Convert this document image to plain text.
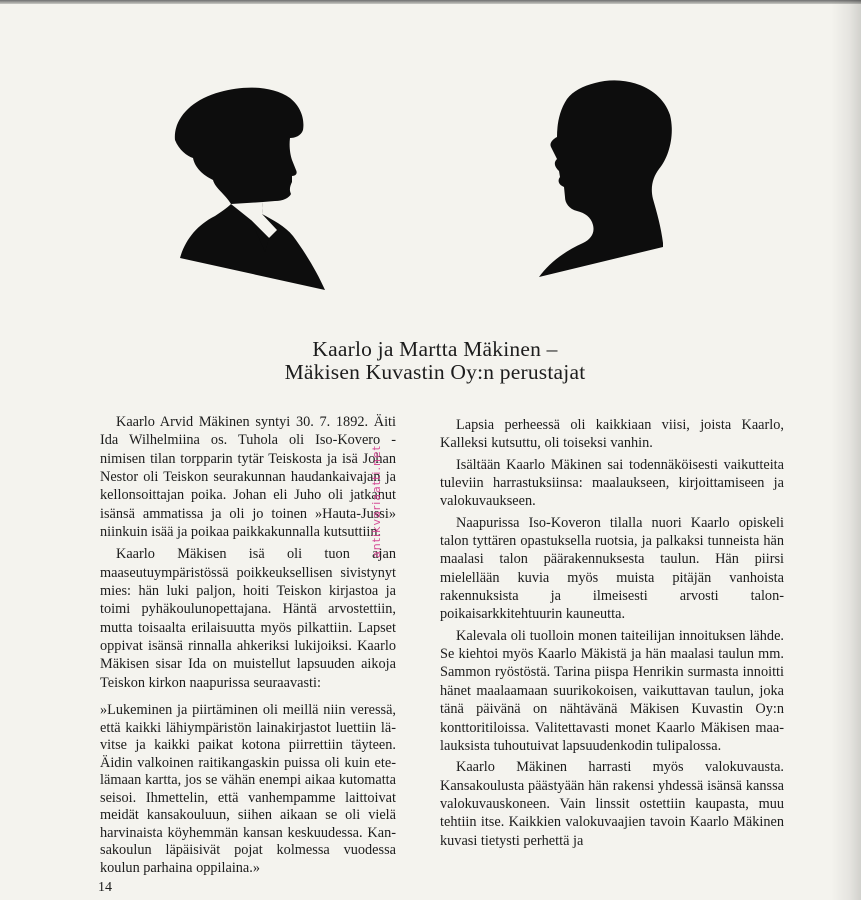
Kaarlo ja Martta Mäkinen –
Mäkisen Kuvastin Oy:n perustajat

Kaarlo Arvid Mäkinen syntyi 30. 7. 1892. Äiti Ida Wilhelmiina os. Tuhola oli Iso-Kovero -nimisen tilan torpparin tytär Teiskosta ja isä Johan Nestor oli Teiskon seurakunnan haudankaivajan ja kellonsoittajan poika. Johan eli Juho oli jatkanut isänsä ammatissa ja oli jo toinen »Hauta-Jussi» niinkuin isää ja poikaa paikkakunnalla kutsuttiin.

Kaarlo Mäkisen isä oli tuon ajan maaseutuympäristössä poikkeuksellisen sivistynyt mies: hän luki paljon, hoiti Teiskon kirjastoa ja toimi pyhäkoulunopettajana. Häntä arvostettiin, mutta toisaalta erilaisuutta myös pilkattiin. Lapset oppivat isänsä rinnalla ahkeriksi lukijoiksi. Kaarlo Mäkisen sisar Ida on muistellut lapsuuden aikoja Teiskon kirkon naapurissa seuraavasti:

»Lukeminen ja piirtäminen oli meillä niin veressä, että kaikki lähiympäristön lainakirjastot luettiin lävitse ja kaikki paikat kotona piirrettiin täyteen. Äidin valkoinen raitikangaskin puissa oli kuin etelämaan kartta, jos se vähän enempi aikaa kutomatta seisoi. Ihmettelin, että vanhempamme laittoivat meidät kansakouluun, siihen aikaan se oli vielä harvinaista köyhemmän kansan keskuudessa. Kansakoulun läpäisivät pojat kolmessa vuodessa koulun parhaina oppilaina.»

Lapsia perheessä oli kaikkiaan viisi, joista Kaarlo, Kalleksi kutsuttu, oli toiseksi vanhin.

Isältään Kaarlo Mäkinen sai todennäköisesti vaikutteita tuleviin harrastuksiinsa: maalaukseen, kirjoittamiseen ja valokuvaukseen.

Naapurissa Iso-Koveron tilalla nuori Kaarlo opiskeli talon tyttären opastuksella ruotsia, ja palkaksi tunneista hän maalasi talon päärakennuksesta taulun. Hän piirsi mielellään kuvia myös muista pitäjän vanhoista rakennuksista ja ilmeisesti arvosti talonpoikaisarkkitehtuurin kauneutta.

Kalevala oli tuolloin monen taiteilijan innoituksen lähde. Se kiehtoi myös Kaarlo Mäkistä ja hän maalasi taulun mm. Sammon ryöstöstä. Tarina piispa Henrikin surmasta innoitti hänet maalaamaan suurikokoisen, vaikuttavan taulun, joka tänä päivänä on nähtävänä Mäkisen Kuvastin Oy:n konttoritiloissa. Valitettavasti monet Kaarlo Mäkisen maalauksista tuhoutuivat lapsuudenkodin tulipalossa.

Kaarlo Mäkinen harrasti myös valokuvausta. Kansakoulusta päästyään hän rakensi yhdessä isänsä kanssa valokuvauskoneen. Vain linssit ostettiin kaupasta, muu tehtiin itse. Kaikkien valokuvaajien tavoin Kaarlo Mäkinen kuvasi tietysti perhettä ja

antikvariaatti.net
14
